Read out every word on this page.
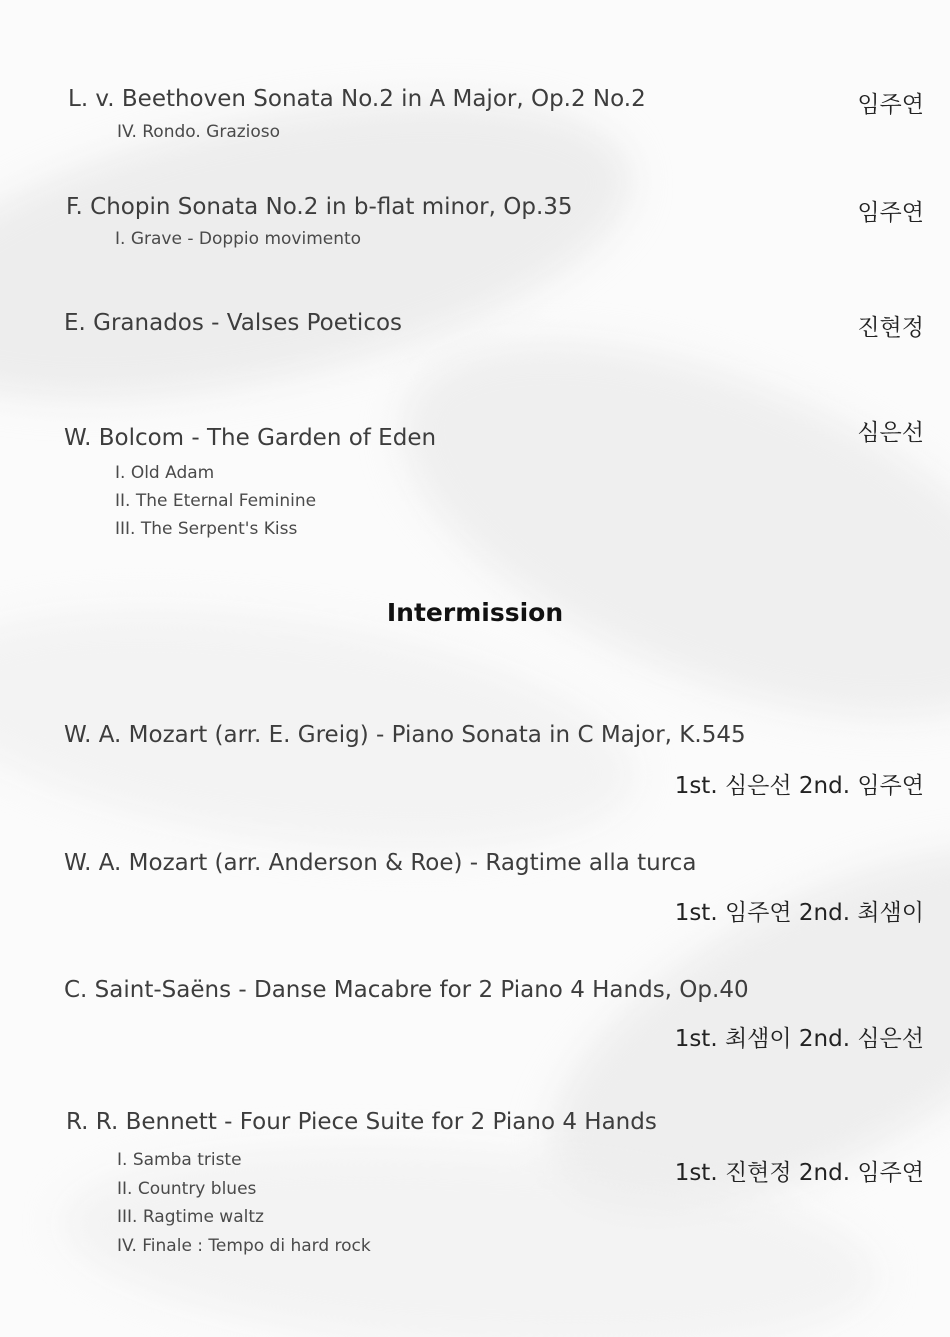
L. v. Beethoven Sonata No.2 in A Major, Op.2 No.2
IV. Rondo. Grazioso
임주연
F. Chopin Sonata No.2 in b-flat minor, Op.35
I. Grave - Doppio movimento
임주연
E. Granados - Valses Poeticos	진현정
W. Bolcom - The Garden of Eden
I. Old Adam
II. The Eternal Feminine
III. The Serpent's Kiss
심은선
Intermission
W. A. Mozart (arr. E. Greig) - Piano Sonata in C Major, K.545
1st. 심은선 2nd. 임주연
W. A. Mozart (arr. Anderson & Roe) - Ragtime alla turca
1st. 임주연 2nd. 최샘이
C. Saint-Saëns - Danse Macabre for 2 Piano 4 Hands, Op.40
1st. 최샘이 2nd. 심은선
R. R. Bennett - Four Piece Suite for 2 Piano 4 Hands
I. Samba triste
II. Country blues
III. Ragtime waltz
IV. Finale : Tempo di hard rock
1st. 진현정 2nd. 임주연
